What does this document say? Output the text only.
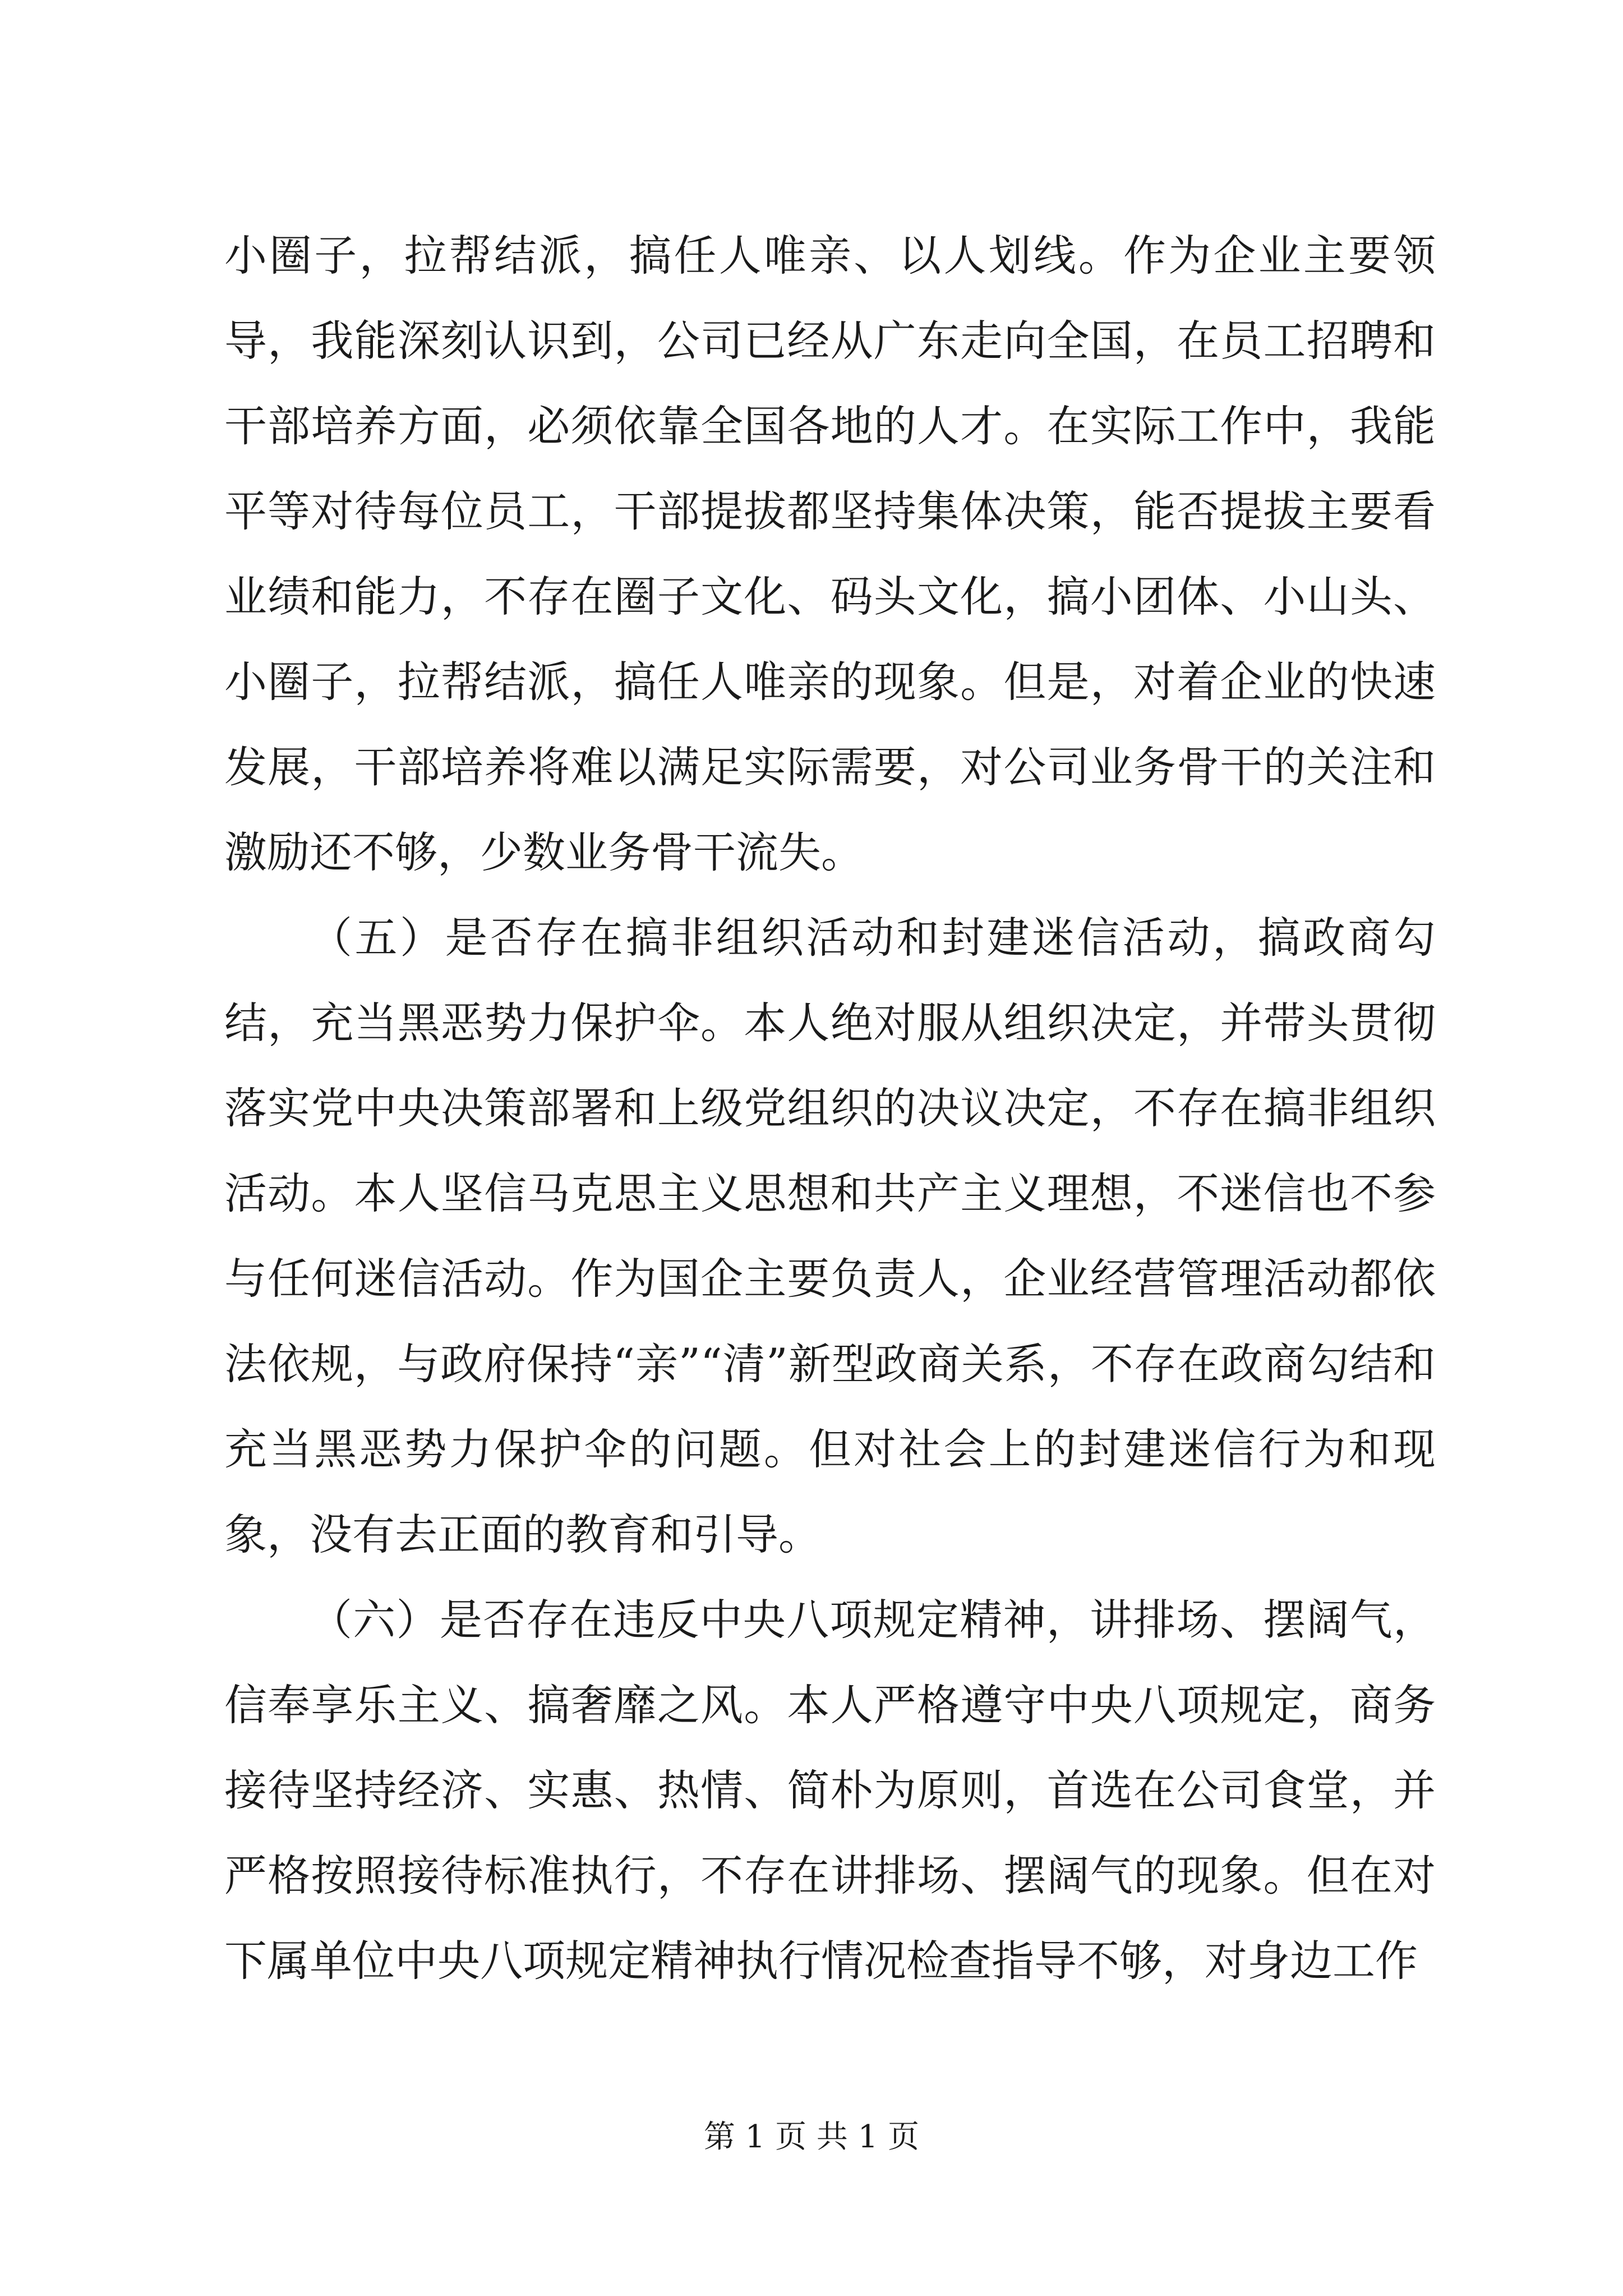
小圈子，拉帮结派，搞任人唯亲、以人划线。作为企业主要领导，我能深刻认识到，公司已经从广东走向全国，在员工招聘和干部培养方面，必须依靠全国各地的人才。在实际工作中，我能平等对待每位员工，干部提拔都坚持集体决策，能否提拔主要看业绩和能力，不存在圈子文化、码头文化，搞小团体、小山头、小圈子，拉帮结派，搞任人唯亲的现象。但是，对着企业的快速发展，干部培养将难以满足实际需要，对公司业务骨干的关注和激励还不够，少数业务骨干流失。

（五）是否存在搞非组织活动和封建迷信活动，搞政商勾结，充当黑恶势力保护伞。本人绝对服从组织决定，并带头贯彻落实党中央决策部署和上级党组织的决议决定，不存在搞非组织活动。本人坚信马克思主义思想和共产主义理想，不迷信也不参与任何迷信活动。作为国企主要负责人，企业经营管理活动都依法依规，与政府保持“亲”“清”新型政商关系，不存在政商勾结和充当黑恶势力保护伞的问题。但对社会上的封建迷信行为和现象，没有去正面的教育和引导。

（六）是否存在违反中央八项规定精神，讲排场、摆阔气，信奉享乐主义、搞奢靡之风。本人严格遵守中央八项规定，商务接待坚持经济、实惠、热情、简朴为原则，首选在公司食堂，并严格按照接待标准执行，不存在讲排场、摆阔气的现象。但在对下属单位中央八项规定精神执行情况检查指导不够，对身边工作

第 1 页 共 1 页
